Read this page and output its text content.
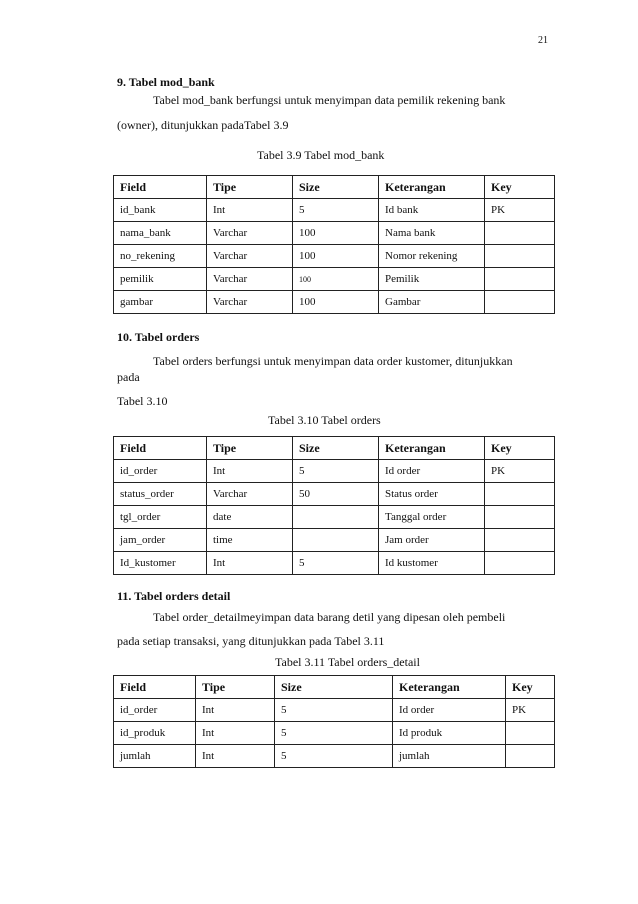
21
9. Tabel mod_bank
Tabel mod_bank berfungsi untuk menyimpan data pemilik rekening bank
(owner), ditunjukkan padaTabel 3.9
Tabel 3.9 Tabel mod_bank
Field	Tipe	Size	Keterangan	Key
id_bank	Int	5	Id bank	PK
nama_bank	Varchar	100	Nama bank	
no_rekening	Varchar	100	Nomor rekening	
pemilik	Varchar	100	Pemilik	
gambar	Varchar	100	Gambar	
10. Tabel orders
Tabel orders berfungsi untuk menyimpan data order kustomer, ditunjukkan
pada
Tabel 3.10
Tabel 3.10 Tabel orders
Field	Tipe	Size	Keterangan	Key
id_order	Int	5	Id order	PK
status_order	Varchar	50	Status order	
tgl_order	date		Tanggal order	
jam_order	time		Jam order	
Id_kustomer	Int	5	Id kustomer	
11. Tabel orders detail
Tabel order_detailmeyimpan data barang detil yang dipesan oleh pembeli
pada setiap transaksi, yang ditunjukkan pada Tabel 3.11
Tabel 3.11 Tabel orders_detail
Field	Tipe	Size	Keterangan	Key
id_order	Int	5	Id order	PK
id_produk	Int	5	Id produk	
jumlah	Int	5	jumlah	
